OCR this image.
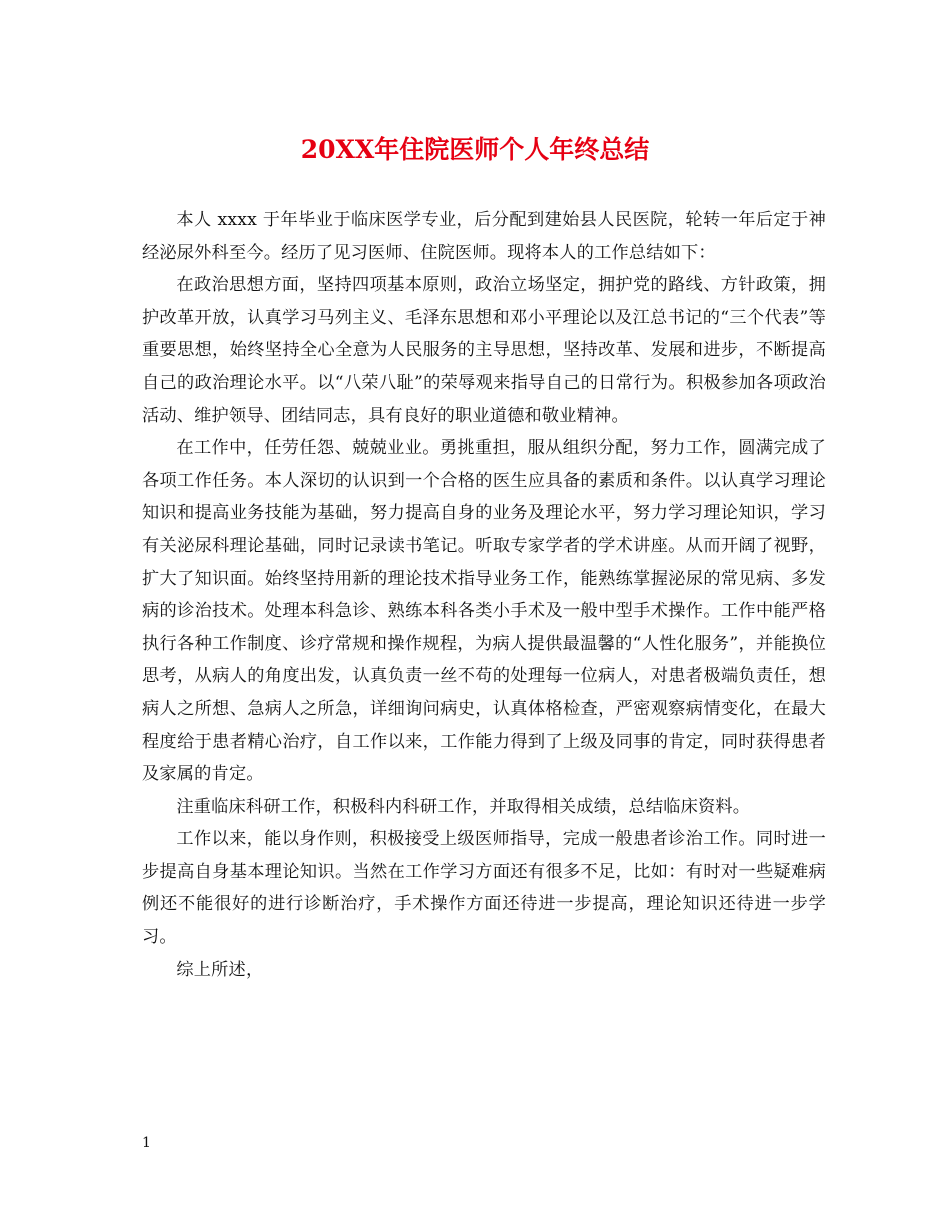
20XX年住院医师个人年终总结

本人 xxxx 于年毕业于临床医学专业，后分配到建始县人民医院，轮转一年后定于神经泌尿外科至今。经历了见习医师、住院医师。现将本人的工作总结如下：

在政治思想方面，坚持四项基本原则，政治立场坚定，拥护党的路线、方针政策，拥护改革开放，认真学习马列主义、毛泽东思想和邓小平理论以及江总书记的“三个代表”等重要思想，始终坚持全心全意为人民服务的主导思想，坚持改革、发展和进步，不断提高自己的政治理论水平。以“八荣八耻”的荣辱观来指导自己的日常行为。积极参加各项政治活动、维护领导、团结同志，具有良好的职业道德和敬业精神。

在工作中，任劳任怨、兢兢业业。勇挑重担，服从组织分配，努力工作，圆满完成了各项工作任务。本人深切的认识到一个合格的医生应具备的素质和条件。以认真学习理论知识和提高业务技能为基础，努力提高自身的业务及理论水平，努力学习理论知识，学习有关泌尿科理论基础，同时记录读书笔记。听取专家学者的学术讲座。从而开阔了视野，扩大了知识面。始终坚持用新的理论技术指导业务工作，能熟练掌握泌尿的常见病、多发病的诊治技术。处理本科急诊、熟练本科各类小手术及一般中型手术操作。工作中能严格执行各种工作制度、诊疗常规和操作规程，为病人提供最温馨的“人性化服务”，并能换位思考，从病人的角度出发，认真负责一丝不苟的处理每一位病人，对患者极端负责任，想病人之所想、急病人之所急，详细询问病史，认真体格检查，严密观察病情变化，在最大程度给于患者精心治疗，自工作以来，工作能力得到了上级及同事的肯定，同时获得患者及家属的肯定。

注重临床科研工作，积极科内科研工作，并取得相关成绩，总结临床资料。

工作以来，能以身作则，积极接受上级医师指导，完成一般患者诊治工作。同时进一步提高自身基本理论知识。当然在工作学习方面还有很多不足，比如：有时对一些疑难病例还不能很好的进行诊断治疗，手术操作方面还待进一步提高，理论知识还待进一步学习。

综上所述，

1
